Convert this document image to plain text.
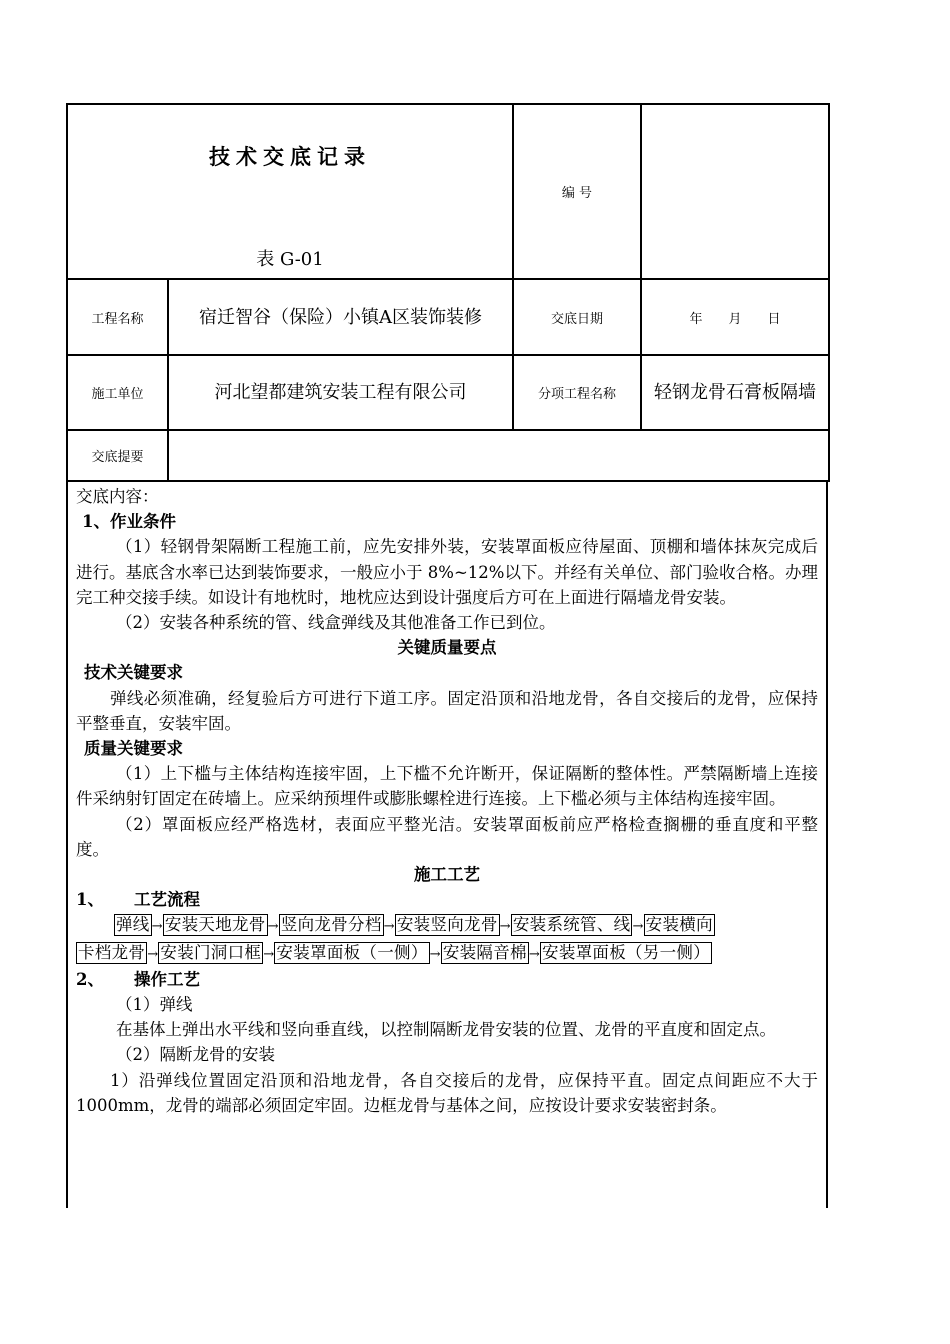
技术交底记录
表 G-01		编 号	
工程名称	宿迁智谷（保险）小镇A区装饰装修	交底日期	年　　月　　日
施工单位	河北望都建筑安装工程有限公司	分项工程名称	轻钢龙骨石膏板隔墙
交底提要			

交底内容：

1、作业条件

（1）轻钢骨架隔断工程施工前，应先安排外装，安装罩面板应待屋面、顶棚和墙体抹灰完成后进行。基底含水率已达到装饰要求，一般应小于 8%~12%以下。并经有关单位、部门验收合格。办理完工种交接手续。如设计有地枕时，地枕应达到设计强度后方可在上面进行隔墙龙骨安装。

（2）安装各种系统的管、线盒弹线及其他准备工作已到位。

关键质量要点

技术关键要求

弹线必须准确，经复验后方可进行下道工序。固定沿顶和沿地龙骨，各自交接后的龙骨，应保持平整垂直，安装牢固。

质量关键要求

（1）上下槛与主体结构连接牢固，上下槛不允许断开，保证隔断的整体性。严禁隔断墙上连接件采纳射钉固定在砖墙上。应采纳预埋件或膨胀螺栓进行连接。上下槛必须与主体结构连接牢固。

（2）罩面板应经严格选材，表面应平整光洁。安装罩面板前应严格检查搁栅的垂直度和平整度。

施工工艺

1、 工艺流程

弹线 → 安装天地龙骨 → 竖向龙骨分档 → 安装竖向龙骨 → 安装系统管、线 → 安装横向
卡档龙骨 → 安装门洞口框 → 安装罩面板（一侧） → 安装隔音棉 → 安装罩面板（另一侧）

2、 操作工艺

（1）弹线

在基体上弹出水平线和竖向垂直线，以控制隔断龙骨安装的位置、龙骨的平直度和固定点。

（2）隔断龙骨的安装

1）沿弹线位置固定沿顶和沿地龙骨，各自交接后的龙骨，应保持平直。固定点间距应不大于 1000mm，龙骨的端部必须固定牢固。边框龙骨与基体之间，应按设计要求安装密封条。
